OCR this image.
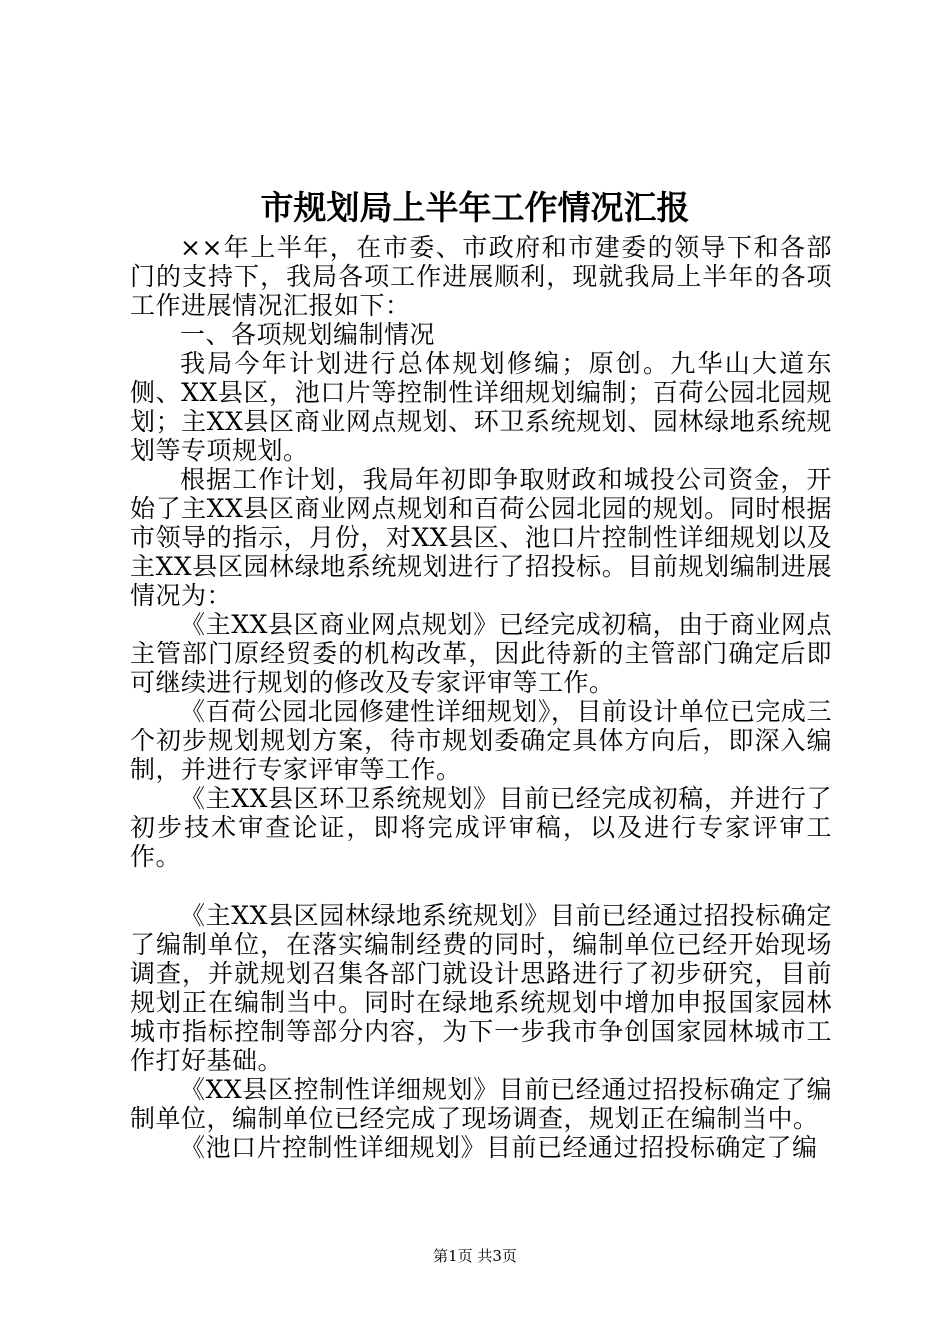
市规划局上半年工作情况汇报

××年上半年，在市委、市政府和市建委的领导下和各部门的支持下，我局各项工作进展顺利，现就我局上半年的各项工作进展情况汇报如下：

一、各项规划编制情况

我局今年计划进行总体规划修编；原创。九华山大道东侧、XX县区，池口片等控制性详细规划编制；百荷公园北园规划；主XX县区商业网点规划、环卫系统规划、园林绿地系统规划等专项规划。

根据工作计划，我局年初即争取财政和城投公司资金，开始了主XX县区商业网点规划和百荷公园北园的规划。同时根据市领导的指示，月份，对XX县区、池口片控制性详细规划以及主XX县区园林绿地系统规划进行了招投标。目前规划编制进展情况为：

《主XX县区商业网点规划》已经完成初稿，由于商业网点主管部门原经贸委的机构改革，因此待新的主管部门确定后即可继续进行规划的修改及专家评审等工作。

《百荷公园北园修建性详细规划》，目前设计单位已完成三个初步规划规划方案，待市规划委确定具体方向后，即深入编制，并进行专家评审等工作。

《主XX县区环卫系统规划》目前已经完成初稿，并进行了初步技术审查论证，即将完成评审稿，以及进行专家评审工作。

《主XX县区园林绿地系统规划》目前已经通过招投标确定了编制单位，在落实编制经费的同时，编制单位已经开始现场调查，并就规划召集各部门就设计思路进行了初步研究，目前规划正在编制当中。同时在绿地系统规划中增加申报国家园林城市指标控制等部分内容，为下一步我市争创国家园林城市工作打好基础。

《XX县区控制性详细规划》目前已经通过招投标确定了编制单位，编制单位已经完成了现场调查，规划正在编制当中。

《池口片控制性详细规划》目前已经通过招投标确定了编

第1页 共3页
